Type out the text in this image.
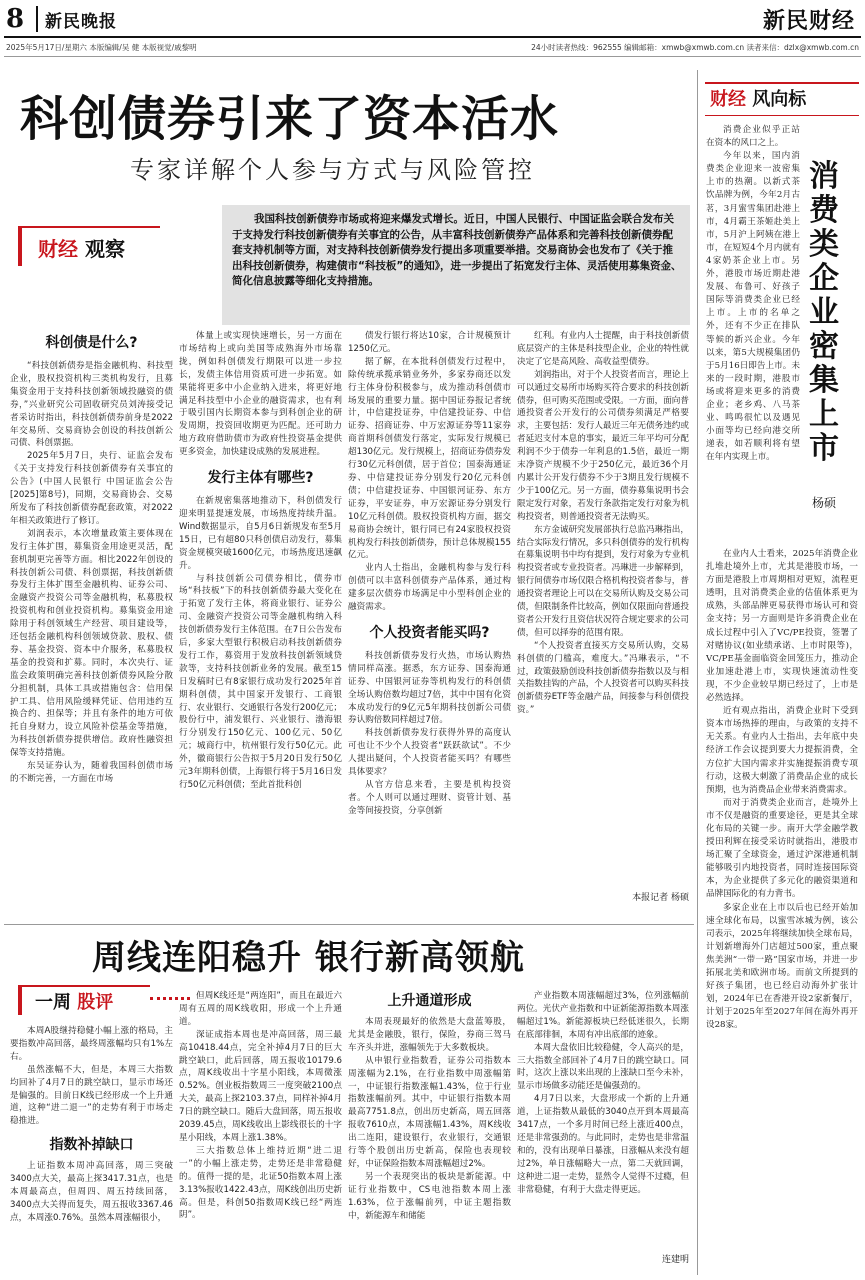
8 新民晚报	新民财经
2025年5月17日/星期六 本版编辑/吴 健 本版视觉/戚黎明	24小时读者热线：962555 编辑邮箱：xmwb@xmwb.com.cn 读者来信：dzlx@xmwb.com.cn
科创债券引来了资本活水
专家详解个人参与方式与风险管控
财经 观察
我国科技创新债券市场或将迎来爆发式增长。近日，中国人民银行、中国证监会联合发布关于支持发行科技创新债券有关事宜的公告，从丰富科技创新债券产品体系和完善科技创新债券配套支持机制等方面，对支持科技创新债券发行提出多项重要举措。交易商协会也发布了《关于推出科技创新债券，构建债市“科技板”的通知》，进一步提出了拓宽发行主体、灵活使用募集资金、简化信息披露等细化支持措施。
科创债是什么?
“科技创新债券是指金融机构、科技型企业，股权投资机构三类机构发行，且募集资金用于支持科技创新领域投融资的债券，”兴业研究公司固收研究员刘涛接受记者采访时指出，科技创新债券前身是2022年交易所、交易商协会创设的科技创新公司债、科创票据。
2025年5月7日，央行、证监会发布《关于支持发行科技创新债券有关事宜的公告》(中国人民银行 中国证监会公告[2025]第8号)，同期，交易商协会、交易所发布了科技创新债券配套政策，对2022年相关政策进行了修订。
刘润表示，本次增量政策主要体现在发行主体扩围，募集资金用途更灵活，配套机制更完善等方面。相比2022年创设的科技创新公司债、科创票据，科技创新债券发行主体扩围至金融机构、证券公司、金融资产投资公司等金融机构，私募股权投资机构和创业投资机构。募集资金用途除用于科创领域生产经营、项目建设等，还包括金融机构科创领域贷款、股权、债券、基金投资、资本中介服务，私募股权基金的投资和扩募。同时，本次央行、证监会政策明确完善科技创新债券风险分散分担机制，具体工具或措施包含：信用保护工具、信用风险缓释凭证、信用违约互换合约、担保等；并且有条件的地方可依托自身财力，设立风险补偿基金等措施，为科技创新债券提供增信。政府性融资担保等支持措施。
东吴证券认为，随着我国科创债市场的不断完善，一方面在市场
体量上或实现快速增长，另一方面在市场结构上或向美国等成熟海外市场靠拢，例如科创债发行期限可以进一步拉长，发债主体信用资质可进一步拓宽。如果能将更多中小企业纳入进来，将更好地满足科技型中小企业的融资需求，也有利于吸引国内长期资本参与到科创企业的研发周期，投资回收期更为匹配。还可助力地方政府借助债市为政府性投资基金提供更多资金，加快建设成熟的发展进程。
发行主体有哪些?
在新规密集落地推动下，科创债发行迎来明显提速发展，市场热度持续升温。Wind数据显示，自5月6日新规发布至5月15日，已有超80只科创债启动发行，募集资金规模突破1600亿元，市场热度迅速飙升。
与科技创新公司债券相比，债券市场“科技板”下的科技创新债券最大变化在于拓宽了发行主体，将商业银行、证券公司、金融资产投资公司等金融机构纳入科技创新债券发行主体范围。在7日公告发布后，多家大型银行积极启动科技创新债券发行工作，募资用于发放科技创新领域贷款等，支持科技创新业务的发展。截至15日发稿时已有8家银行成功发行2025年首期科创债，其中国家开发银行、工商银行、农业银行、交通银行各发行200亿元；股份行中，浦发银行、兴业银行、渤海银行分别发行150亿元、100亿元、50亿元；城商行中，杭州银行发行50亿元。此外，徽商银行公告拟于5月20日发行50亿元3年期科创债，上海银行将于5月16日发行50亿元科创债；至此首批科创
债发行银行将达10家，合计规模预计1250亿元。
据了解，在本批科创债发行过程中，除传统承揽承销业务外，多家券商还以发行主体身份积极参与，成为推动科创债市场发展的重要力量。据中国证券报记者统计，中信建投证券，中信建投证券、中信证券、招商证券、中万宏源证券等11家券商首期科创债发行落定，实际发行规模已超130亿元。发行规模上，招商证券债券发行30亿元科创债，居于首位；国泰海通证券、中信建投证券分别发行20亿元科创债；中信建投证券、中国银河证券、东方证券，平安证券，申万宏源证券分别发行10亿元科创债。股权投资机构方面，据交易商协会统计，银行同已有24家股权投资机构发行科技创新债券，预计总体规模155亿元。
业内人士指出，金融机构参与发行科创债可以丰富科创债券产品体系，通过构建多层次债券市场满足中小型科创企业的融资需求。
个人投资者能买吗?
科技创新债券发行火热，市场认购热情同样高涨。据悉，东方证券、国泰海通证券、中国银河证券等机构发行的科创债全场认购倍数均超过7倍，其中中国有化资本成功发行的9亿元5年期科技创新公司债券认购倍数同样超过7倍。
科技创新债券发行获得外界的高度认可也让不少个人投资者“跃跃欲试”。不少人提出疑问，个人投资者能买吗？有哪些具体要求？
从官方信息来看，主要是机构投资者。个人则可以通过理财、资管计划、基金等间接投资，分享创新
红利。有业内人士提醒，由于科技创新债底层资产的主体是科技型企业，企业的特性就决定了它是高风险、高收益型债券。
刘润指出，对于个人投资者而言，理论上可以通过交易所市场购买符合要求的科技创新债券，但可购买范围或受限。一方面，面向普通投资者公开发行的公司债券须满足严格要求，主要包括：发行人最近三年无债务违约或者延迟支付本息的事实，最近三年平均可分配利润不少于债券一年利息的1.5倍，最近一期末净资产规模不少于250亿元，最近36个月内累计公开发行债券不少于3期且发行规模不少于100亿元。另一方面，债券募集说明书会限定发行对象，若发行条款指定发行对象为机构投资者，则普通投资者无法购买。
东方金诚研究发展部执行总监冯琳指出，结合实际发行情况，多只科创债券的发行机构在募集说明书中均有提到，发行对象为专业机构投资者或专业投资者。冯琳进一步解释到，银行间债券市场仅限合格机构投资者参与，普通投资者理论上可以在交易所认购及交易公司债，但限制条件比较高，例如仅限面向普通投资者公开发行且资信状况符合规定要求的公司债，但可以择券的范围有限。
“个人投资者直接买方交易所认购，交易科创债的门槛高，难度大。”冯琳表示，“不过，政策鼓励创设科技创新债券指数以及与相关指数挂钩的产品，个人投资者可以购买科技创新债券ETF等金融产品，间接参与科创债投资。”
本报记者 杨硕
周线连阳稳升 银行新高领航
一周 股评
本周A股继持稳健小幅上涨的格局，主要指数冲高回落，最终周涨幅均只有1%左右。
虽然涨幅不大，但是，本周三大指数均回补了4月7日的跳空缺口，显示市场还是偏强的。目前日K线已经形成一个上升通道，这种“进二退一”的走势有利于市场走稳推进。
指数补掉缺口
上证指数本周冲高回落，周三突破3400点大关，最高上探3417.31点，也是本周最高点，但周四、周五持续回落，3400点大关得而复失，周五报收3367.46点，本周涨0.76%。虽然本周涨幅很小，
但周K线还是“两连阳”，而且在最近六周有五周的周K线收阳，形成一个上升通道。
深证成指本周也是冲高回落，周三最高10418.44点，完全补掉4月7日的巨大跳空缺口，此后回落，周五报收10179.6点，周K线收出十字星小阳线，本周微涨0.52%。创业板指数周三一度突破2100点大关，最高上探2103.37点，同样补掉4月7日的跳空缺口。随后大盘回落，周五报收2039.45点，周K线收出上影线很长的十字星小阳线，本周上涨1.38%。
三大指数总体上维持近期“进二退一”的小幅上涨走势，走势还是非常稳健的。值得一提的是，北证50指数本周上涨3.13%报收1422.43点，周K线创出历史新高。但是，科创50指数周K线已经“两连阴”。
上升通道形成
本周表现最好的依然是大盘蓝筹股，尤其是金融股，银行，保险，券商三驾马车齐头并进，涨幅领先于大多数板块。
从申银行业指数看，证券公司指数本周涨幅为2.1%，在行业指数中周涨幅第一，中证银行指数涨幅1.43%，位于行业指数涨幅前列。其中，中证银行指数本周最高7751.8点，创出历史新高，周五回落报收7610点，本周涨幅1.43%，周K线收出二连阳，建设银行，农业银行，交通银行等个股创出历史新高，保险也表现较好，中证保险指数本周涨幅超过2%。
另一个表现突出的板块是新能源。中证行业指数中，CS电池指数本周上涨1.63%，位于涨幅前列，中证主题指数中，新能源车和储能
产业指数本周涨幅超过3%，位列涨幅前两位。光伏产业指数和中证新能源指数本周涨幅超过1%。新能源板块已经低迷很久，长期在底部徘徊，本周有冲出底部的迹象。
本周大盘依旧比较稳健，令人高兴的是，三大指数全部回补了4月7日的跳空缺口。同时，这次上涨以来出现的上涨缺口至今未补，显示市场做多动能还是偏强劲的。
4月7日以来，大盘形成一个新的上升通道，上证指数从最低的3040点开到本周最高3417点，一个多月时间已经上涨近400点，还是非常强劲的。与此同时，走势也是非常温和的，没有出现单日暴涨，日涨幅从来没有超过2%，单日涨幅略大一点，第二天就回调，这种进二退一走势，显然令人觉得不过瘾，但非常稳健，有利于大盘走得更远。
连建明
财经 风向标
消费类企业密集上市
杨硕
消费企业似乎正站在资本的风口之上。
今年以来，国内消费类企业迎来一波密集上市的热潮。以新式茶饮品牌为例，今年2月古茗，3月蜜雪集团赴港上市，4月霸王茶姬赴美上市，5月沪上阿姨在港上市，在短短4个月内就有4家奶茶企业上市。另外，港股市场近期赴港发展、布鲁可、好孩子国际等消费类企业已经上市。上市的名单之外，还有不少正在排队等候的新兴企业。今年以来，第5大规模集团仍于5月16日即告上市。未来的一段时期，港股市场或将迎来更多的消费企业；老乡鸡、八马茶业、鸣鸣很忙以及遇见小面等均已经向港交所递表，如若顺利将有望在年内实现上市。
在业内人士看来，2025年消费企业扎堆赴境外上市，尤其是港股市场，一方面是港股上市周期相对更短，流程更透明，且对消费类企业的估值体系更为成熟，头部品牌更易获得市场认可和资金支持；另一方面则是许多消费企业在成长过程中引入了VC/PE投资，签署了对赌协议(如业绩承诺、上市时限等)，VC/PE基金面临资金回笼压力，推动企业加速赴港上市，实现快速流动性变现，不少企业较早期已经过了，上市是必然选择。
近有观点指出，消费企业时下受到资本市场热捧的理由，与政策的支持不无关系。有业内人士指出，去年底中央经济工作会议提到要大力提振消费，全方位扩大国内需求并实施提振消费专项行动，这极大刺激了消费品企业的成长预期，也为消费品企业带来消费需求。
而对于消费类企业而言，赴境外上市不仅是融资的重要途径，更是其全球化布局的关键一步。南开大学金融学教授田利辉在接受采访时就指出，港股市场汇聚了全球资金，通过沪深港通机制能够吸引内地投资者，同时连接国际资本，为企业提供了多元化的融资渠道和品牌国际化的有力背书。
多家企业在上市以后也已经开始加速全球化布局，以蜜雪冰城为例，该公司表示，2025年将继续加快全球布局，计划新增海外门店超过500家，重点聚焦美洲“一带一路”国家市场，并进一步拓展北美和欧洲市场。而前文所提到的好孩子集团，也已经启动海外扩张计划，2024年已在香港开设2家新餐厅，计划于2025年至2027年间在海外再开设28家。
